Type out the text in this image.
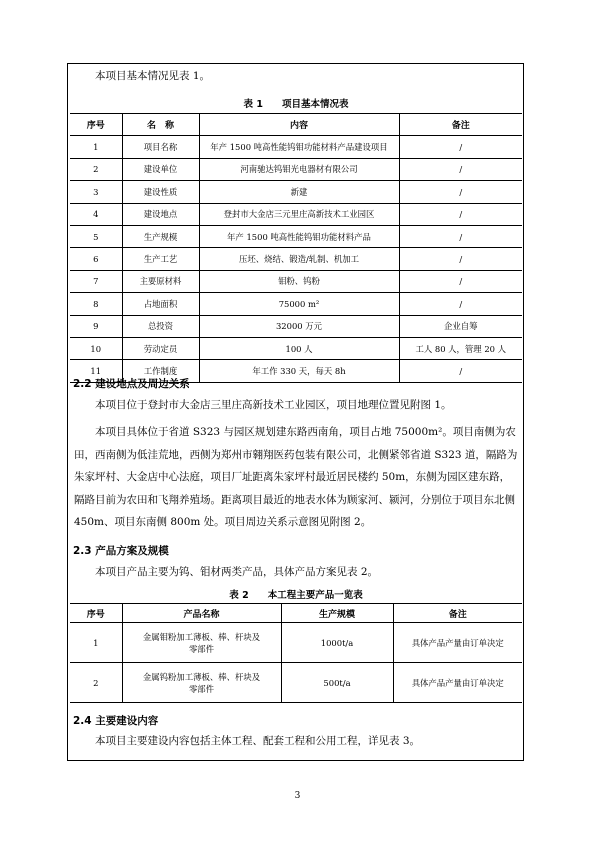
本项目基本情况见表 1。
表 1  项目基本情况表
序号	名 称	内容	备注
1	项目名称	年产 1500 吨高性能钨钼功能材料产品建设项目	/
2	建设单位	河南驰达钨钼光电器材有限公司	/
3	建设性质	新建	/
4	建设地点	登封市大金店三元里庄高新技术工业园区	/
5	生产规模	年产 1500 吨高性能钨钼功能材料产品	/
6	生产工艺	压坯、烧结、锻造/轧制、机加工	/
7	主要原材料	钼粉、钨粉	/
8	占地面积	75000 m²	/
9	总投资	32000 万元	企业自筹
10	劳动定员	100 人	工人 80 人，管理 20 人
11	工作制度	年工作 330 天，每天 8h	/
2.2 建设地点及周边关系
本项目位于登封市大金店三里庄高新技术工业园区，项目地理位置见附图 1。
本项目具体位于省道 S323 与园区规划建东路西南角，项目占地 75000m²。项目南侧为农田，西南侧为低洼荒地，西侧为郑州市翱翔医药包装有限公司，北侧紧邻省道 S323 道，隔路为朱家坪村、大金店中心法庭，项目厂址距离朱家坪村最近居民楼约 50m，东侧为园区建东路，隔路目前为农田和飞翔养殖场。距离项目最近的地表水体为顾家河、颍河，分别位于项目东北侧 450m、项目东南侧 800m 处。项目周边关系示意图见附图 2。
2.3 产品方案及规模
本项目产品主要为钨、钼材两类产品，具体产品方案见表 2。
表 2  本工程主要产品一览表
序号	产品名称	生产规模	备注
1	金属钼粉加工薄板、棒、杆块及零部件	1000t/a	具体产品产量由订单决定
2	金属钨粉加工薄板、棒、杆块及零部件	500t/a	具体产品产量由订单决定
2.4 主要建设内容
本项目主要建设内容包括主体工程、配套工程和公用工程，详见表 3。
3
